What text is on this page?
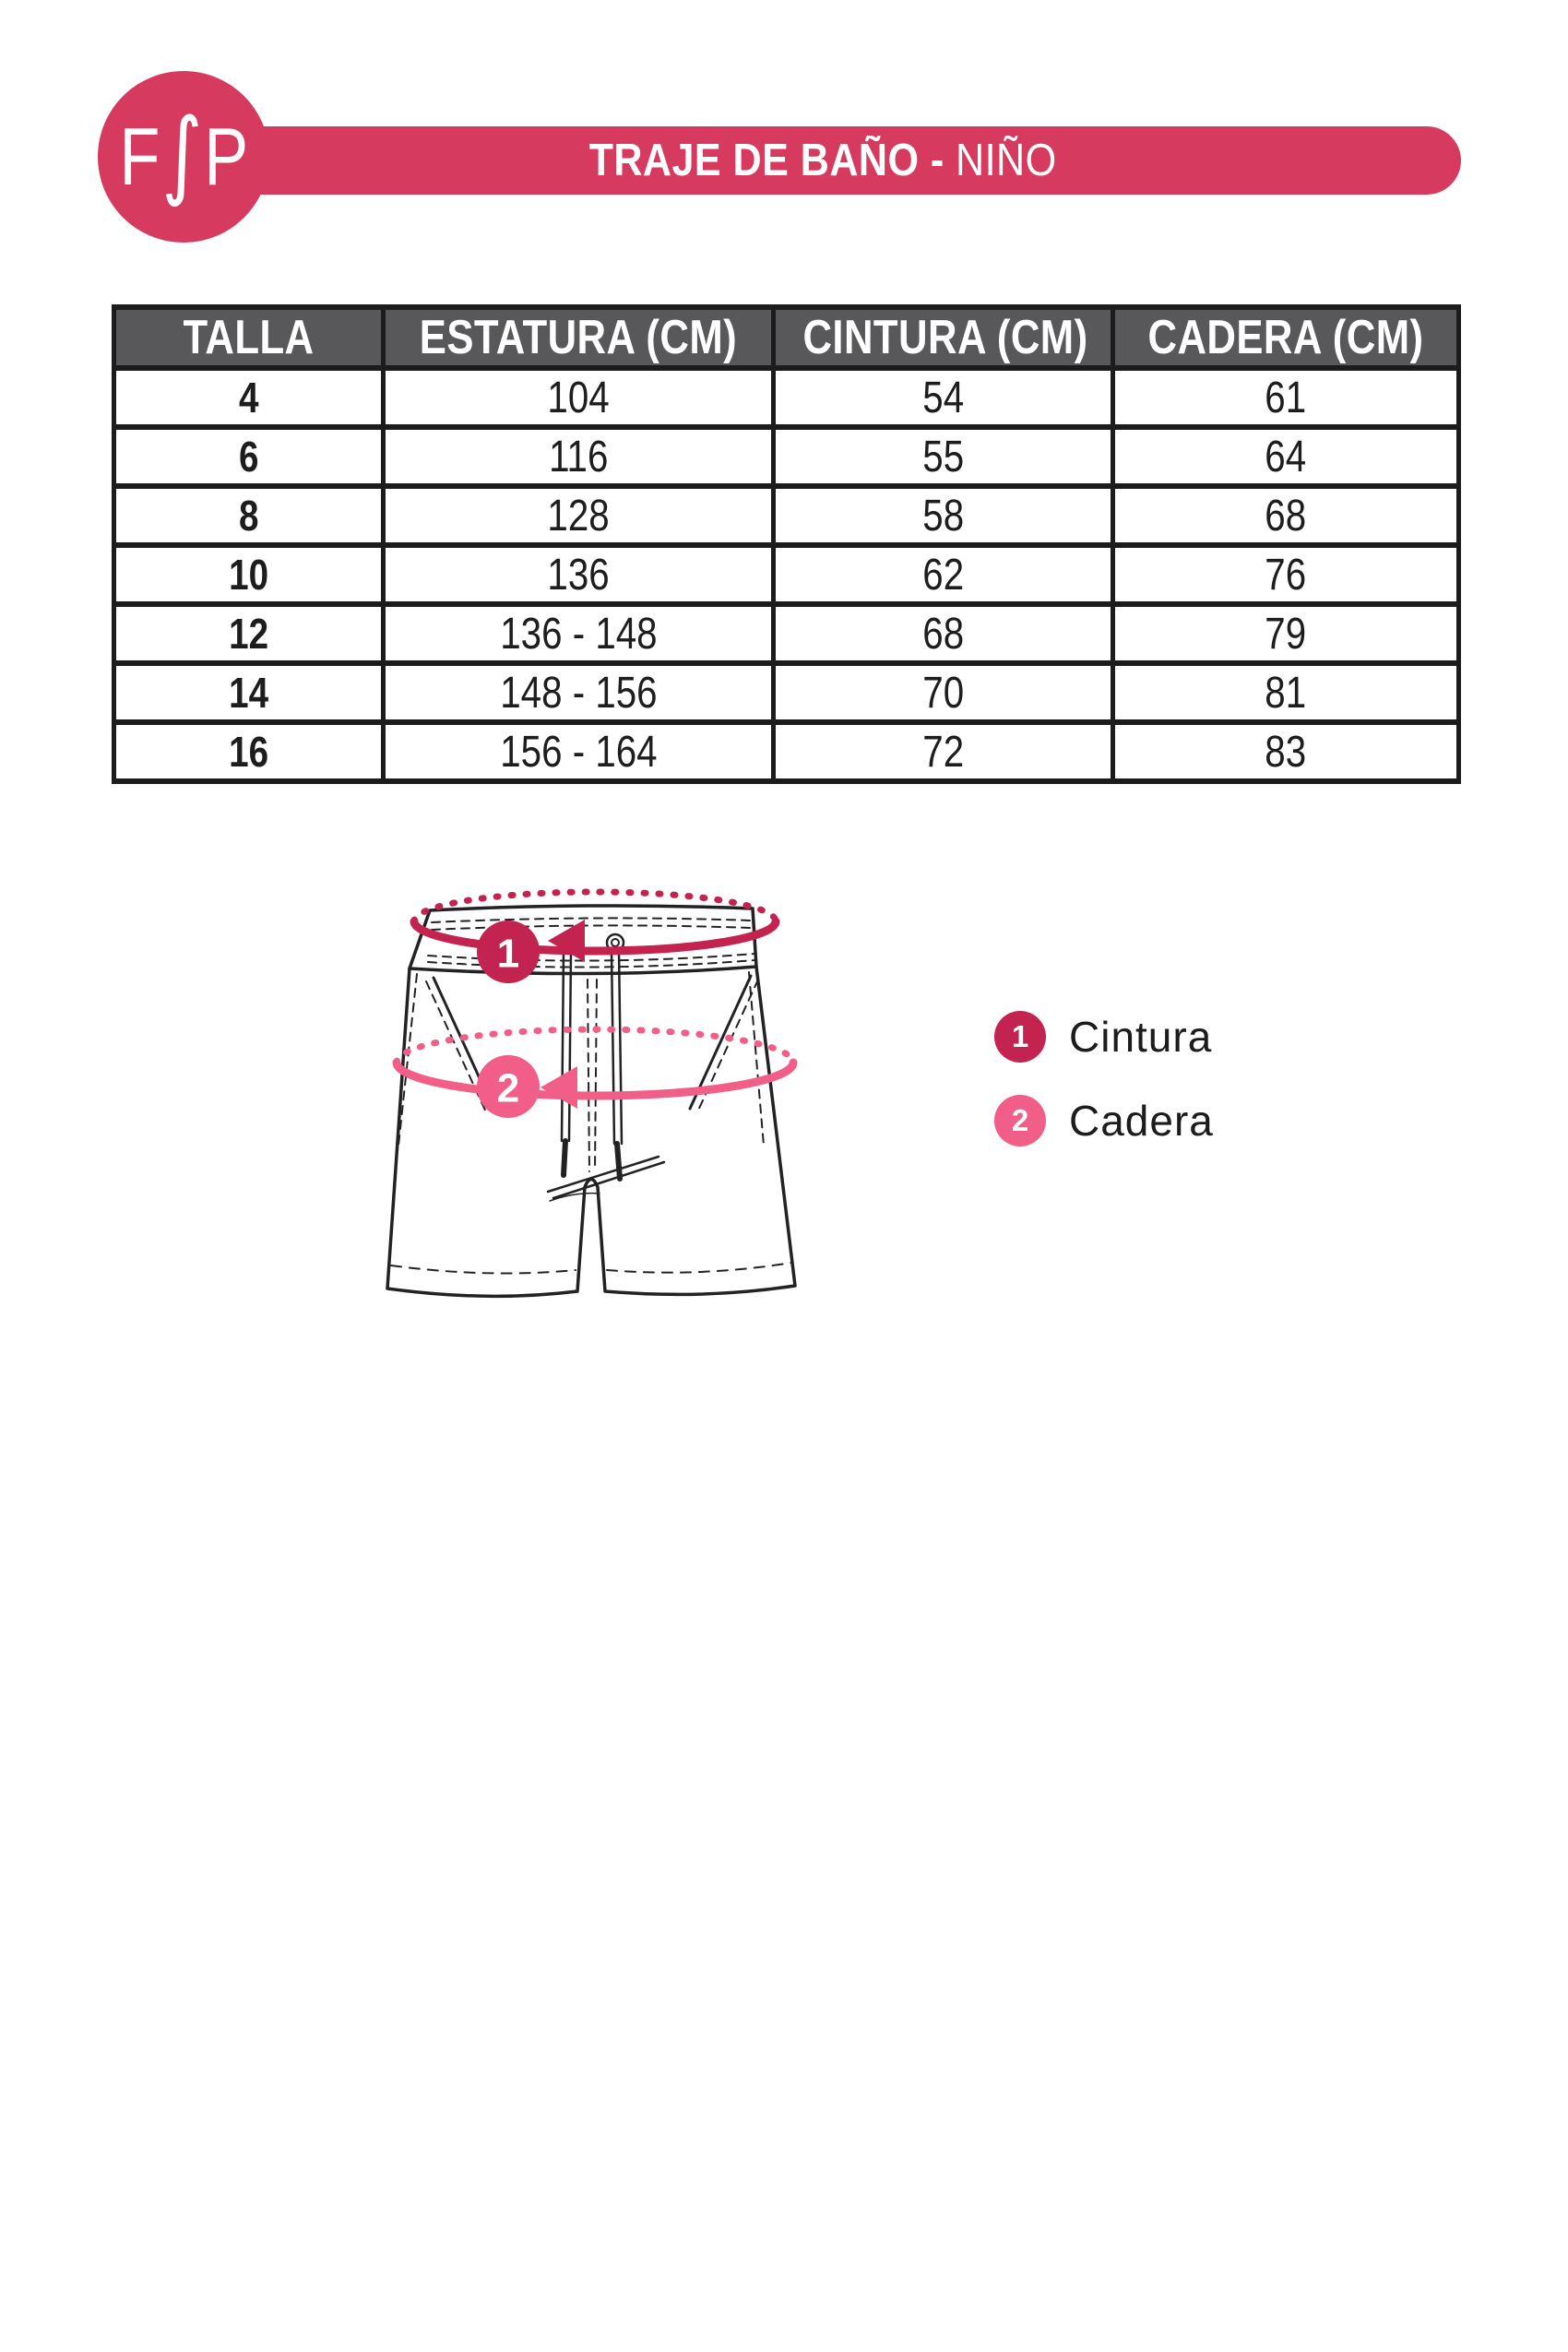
TRAJE DE BAÑO - NIÑO
F ∫ P
TALLA	ESTATURA (CM)	CINTURA (CM)	CADERA (CM)
4	104	54	61
6	116	55	64
8	128	58	68
10	136	62	76
12	136 - 148	68	79
14	148 - 156	70	81
16	156 - 164	72	83
1
2
1 Cintura
2 Cadera
